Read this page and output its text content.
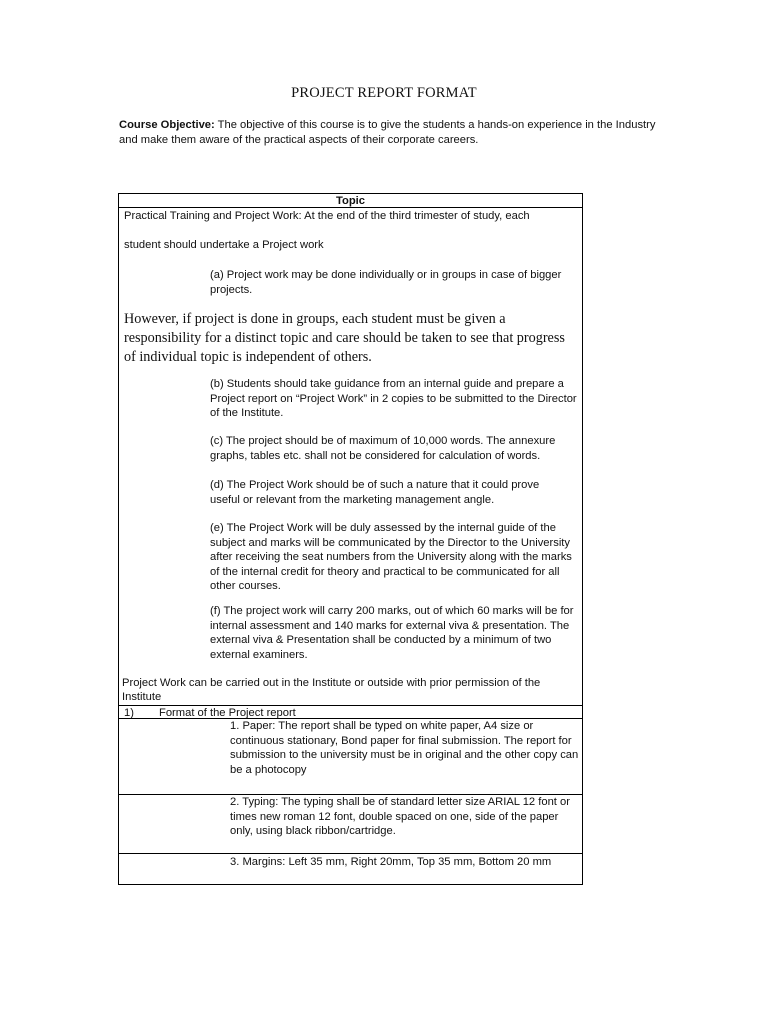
PROJECT REPORT FORMAT
Course Objective: The objective of this course is to give the students a hands-on experience in the Industry and make them aware of the practical aspects of their corporate careers.
Topic
Practical Training and Project Work: At the end of the third trimester of study, each
student should undertake a Project work
(a) Project work may be done individually or in groups in case of bigger projects.
However, if project is done in groups, each student must be given a responsibility for a distinct topic and care should be taken to see that progress of individual topic is independent of others.
(b) Students should take guidance from an internal guide and prepare a Project report on “Project Work” in 2 copies to be submitted to the Director of the Institute.
(c) The project should be of maximum of 10,000 words. The annexure graphs, tables etc. shall not be considered for calculation of words.
(d) The Project Work should be of such a nature that it could prove useful or relevant from the marketing management angle.
(e) The Project Work will be duly assessed by the internal guide of the subject and marks will be communicated by the Director to the University after receiving the seat numbers from the University along with the marks of the internal credit for theory and practical to be communicated for all other courses.
(f) The project work will carry 200 marks, out of which 60 marks will be for internal assessment and 140 marks for external viva & presentation. The external viva & Presentation shall be conducted by a minimum of two external examiners.
Project Work can be carried out in the Institute or outside with prior permission of the Institute
1) Format of the Project report
1. Paper: The report shall be typed on white paper, A4 size or continuous stationary, Bond paper for final submission. The report for submission to the university must be in original and the other copy can be a photocopy
2. Typing: The typing shall be of standard letter size ARIAL 12 font or times new roman 12 font, double spaced on one, side of the paper only, using black ribbon/cartridge.
3. Margins: Left 35 mm, Right 20mm, Top 35 mm, Bottom 20 mm
